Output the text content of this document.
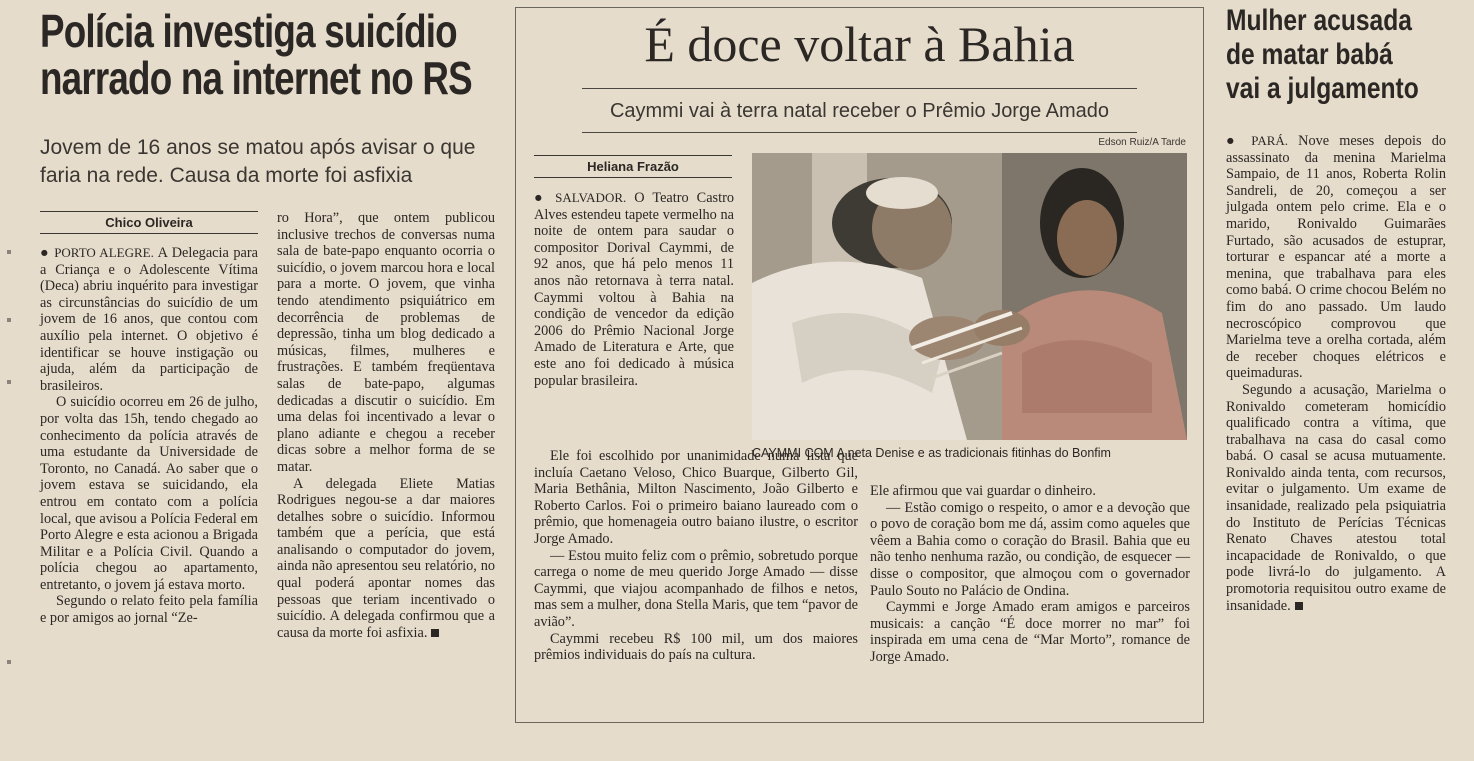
Polícia investiga suicídio
narrado na internet no RS
Jovem de 16 anos se matou após avisar o que faria na rede. Causa da morte foi asfixia
Chico Oliveira

● PORTO ALEGRE. A Delegacia para a Criança e o Adolescente Vítima (Deca) abriu inquérito para investigar as circunstâncias do suicídio de um jovem de 16 anos, que contou com auxílio pela internet. O objetivo é identificar se houve instigação ou ajuda, além da participação de brasileiros.

O suicídio ocorreu em 26 de julho, por volta das 15h, tendo chegado ao conhecimento da polícia através de uma estudante da Universidade de Toronto, no Canadá. Ao saber que o jovem estava se suicidando, ela entrou em contato com a polícia local, que avisou a Polícia Federal em Porto Alegre e esta acionou a Brigada Militar e a Polícia Civil. Quando a polícia chegou ao apartamento, entretanto, o jovem já estava morto.

Segundo o relato feito pela família e por amigos ao jornal “Ze-

ro Hora”, que ontem publicou inclusive trechos de conversas numa sala de bate-papo enquanto ocorria o suicídio, o jovem marcou hora e local para a morte. O jovem, que vinha tendo atendimento psiquiátrico em decorrência de problemas de depressão, tinha um blog dedicado a músicas, filmes, mulheres e frustrações. E também freqüentava salas de bate-papo, algumas dedicadas a discutir o suicídio. Em uma delas foi incentivado a levar o plano adiante e chegou a receber dicas sobre a melhor forma de se matar.

A delegada Eliete Matias Rodrigues negou-se a dar maiores detalhes sobre o suicídio. Informou também que a perícia, que está analisando o computador do jovem, ainda não apresentou seu relatório, no qual poderá apontar nomes das pessoas que teriam incentivado o suicídio. A delegada confirmou que a causa da morte foi asfixia.

É doce voltar à Bahia
Caymmi vai à terra natal receber o Prêmio Jorge Amado
Edson Ruiz/A Tarde
Heliana Frazão
CAYMMI COM A neta Denise e as tradicionais fitinhas do Bonfim

● SALVADOR. O Teatro Castro Alves estendeu tapete vermelho na noite de ontem para saudar o compositor Dorival Caymmi, de 92 anos, que há pelo menos 11 anos não retornava à terra natal. Caymmi voltou à Bahia na condição de vencedor da edição 2006 do Prêmio Nacional Jorge Amado de Literatura e Arte, que este ano foi dedicado à música popular brasileira.

Ele foi escolhido por unanimidade numa lista que incluía Caetano Veloso, Chico Buarque, Gilberto Gil, Maria Bethânia, Milton Nascimento, João Gilberto e Roberto Carlos. Foi o primeiro baiano laureado com o prêmio, que homenageia outro baiano ilustre, o escritor Jorge Amado.

— Estou muito feliz com o prêmio, sobretudo porque carrega o nome de meu querido Jorge Amado — disse Caymmi, que viajou acompanhado de filhos e netos, mas sem a mulher, dona Stella Maris, que tem “pavor de avião”.

Caymmi recebeu R$ 100 mil, um dos maiores prêmios individuais do país na cultura.

Ele afirmou que vai guardar o dinheiro.

— Estão comigo o respeito, o amor e a devoção que o povo de coração bom me dá, assim como aqueles que vêem a Bahia como o coração do Brasil. Bahia que eu não tenho nenhuma razão, ou condição, de esquecer — disse o compositor, que almoçou com o governador Paulo Souto no Palácio de Ondina.

Caymmi e Jorge Amado eram amigos e parceiros musicais: a canção “É doce morrer no mar” foi inspirada em uma cena de “Mar Morto”, romance de Jorge Amado.

Mulher acusada
de matar babá
vai a julgamento

● PARÁ. Nove meses depois do assassinato da menina Marielma Sampaio, de 11 anos, Roberta Rolin Sandreli, de 20, começou a ser julgada ontem pelo crime. Ela e o marido, Ronivaldo Guimarães Furtado, são acusados de estuprar, torturar e espancar até a morte a menina, que trabalhava para eles como babá. O crime chocou Belém no fim do ano passado. Um laudo necroscópico comprovou que Marielma teve a orelha cortada, além de receber choques elétricos e queimaduras.

Segundo a acusação, Marielma o Ronivaldo cometeram homicídio qualificado contra a vítima, que trabalhava na casa do casal como babá. O casal se acusa mutuamente. Ronivaldo ainda tenta, com recursos, evitar o julgamento. Um exame de insanidade, realizado pela psiquiatria do Instituto de Perícias Técnicas Renato Chaves atestou total incapacidade de Ronivaldo, o que pode livrá-lo do julgamento. A promotoria requisitou outro exame de insanidade.
